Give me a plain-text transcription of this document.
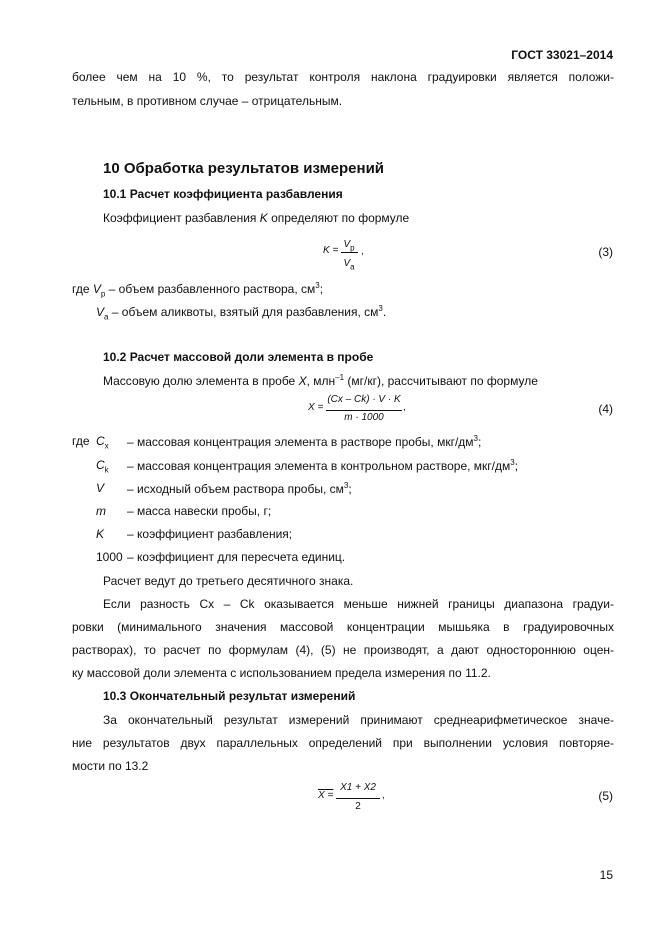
ГОСТ 33021–2014
более чем на 10 %, то результат контроля наклона градуировки является положи-
тельным, в противном случае – отрицательным.
10 Обработка результатов измерений
10.1 Расчет коэффициента разбавления
Коэффициент разбавления K определяют по формуле
K =
$V_p$
$V_a$
,	(3)
где $V_p$ – объем разбавленного раствора, $см^3$;
$V_a$ – объем аликвоты, взятый для разбавления, $см^3$.
10.2 Расчет массовой доли элемента в пробе
Массовую долю элемента в пробе X, млн$^{-1}$ (мг/кг), рассчитывают по формуле
X =
(Cx – Ck) · V · K
m · 1000
,	(4)
где $C_x$ – массовая концентрация элемента в растворе пробы, мкг/$дм^3$;
$C_k$ – массовая концентрация элемента в контрольном растворе, мкг/$дм^3$;
V – исходный объем раствора пробы, $см^3$;
m – масса навески пробы, г;
K – коэффициент разбавления;
1000 – коэффициент для пересчета единиц.
Расчет ведут до третьего десятичного знака.
Если разность Cx – Ck оказывается меньше нижней границы диапазона градуи-
ровки (минимального значения массовой концентрации мышьяка в градуировочных
растворах), то расчет по формулам (4), (5) не производят, а дают одностороннюю оцен-
ку массовой доли элемента с использованием предела измерения по 11.2.
10.3 Окончательный результат измерений
За окончательный результат измерений принимают среднеарифметическое значе-
ние результатов двух параллельных определений при выполнении условия повторяе-
мости по 13.2
X =
X1 + X2
2
,	(5)
15
